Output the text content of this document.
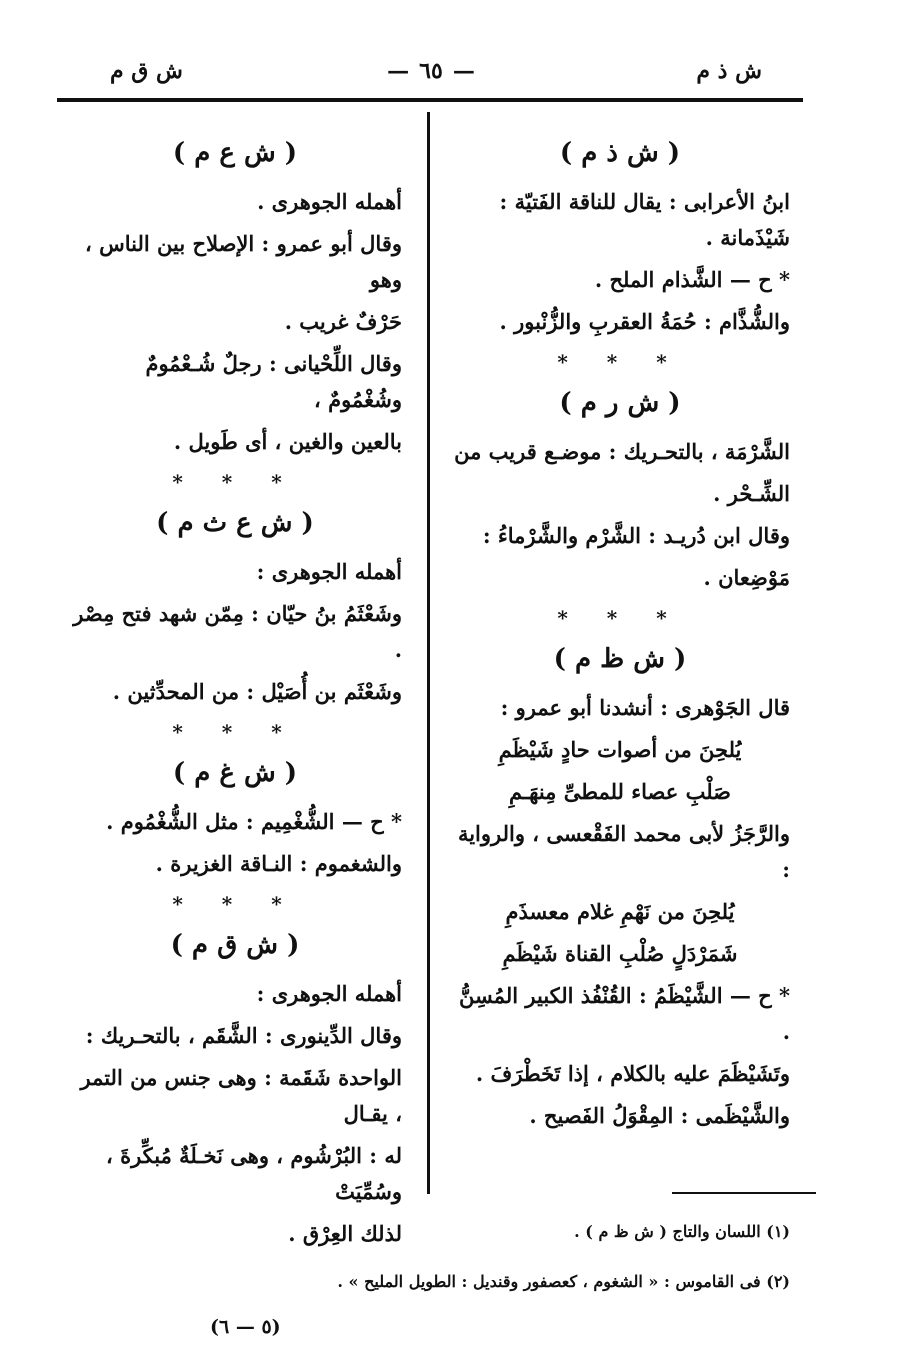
ش ذ م
—٦٥—
ش ق م
( ش ذ م )
ابنُ الأعرابى : يقال للناقة الفَتيّة : شَيْذَمانة .
* ح — الشَّذام الملح .
والشُّذَّام : حُمَةُ العقربِ والزُّنْبور .
* * *
( ش ر م )
الشَّرْمَة ، بالتحـريك : موضـع قريب من
الشِّـحْر .
وقال ابن دُريـد : الشَّرْم والشَّرْماءُ :
مَوْضِعان .
* * *
( ش ظ م )
قال الجَوْهرى : أنشدنا أبو عمرو :
يُلحِنَ من أصوات حادٍ شَيْظَمِ
صَلْبِ عصاء للمطىِّ مِنهَـمِ
والرَّجَزُ لأبى محمد الفَقْعسى ، والرواية :
يُلحِنَ من نَهْمِ غلام معسذَمِ
شَمَرْدَلٍ صُلْبِ القناة شَيْظَمِ
* ح — الشَّيْظَمُ : القُنْفُذ الكبير المُسِنُّ .
وتَشَيْظَمَ عليه بالكلام ، إذا تَخَطْرَفَ .
والشَّيْظَمى : المِقْوَلُ الفَصيح .
( ش ع م )
أهمله الجوهرى .
وقال أبو عمرو : الإصلاح بين الناس ، وهو
حَرْفٌ غريب .
وقال اللِّحْيانى : رجلٌ شُـعْمُومٌ وشُغْمُومٌ ،
بالعين والغين ، أى طَويل .
* * *
( ش ع ث م )
أهمله الجوهرى :
وشَعْثَمُ بنُ حيّان : مِمّن شهد فتح مِصْر .
وشَعْثَم بن أُصَيْل : من المحدِّثين .
* * *
( ش غ م )
* ح — الشُّغْمِيم : مثل الشُّغْمُوم .
والشغموم : النـاقة الغزيرة .
* * *
( ش ق م )
أهمله الجوهرى :
وقال الدِّينورى : الشَّقَم ، بالتحـريك :
الواحدة شَقَمة : وهى جنس من التمر ، يقـال
له : البُرْشُوم ، وهى نَخـلَةٌ مُبكِّرةَ ، وسُمِّيَتْ
لذلك العِرْق .	(١) اللسان والتاج ( ش ظ م ) .
(٢) فى القاموس : « الشغوم ، كعصفور وقنديل : الطويل المليح » .
(٥ — ٦)
